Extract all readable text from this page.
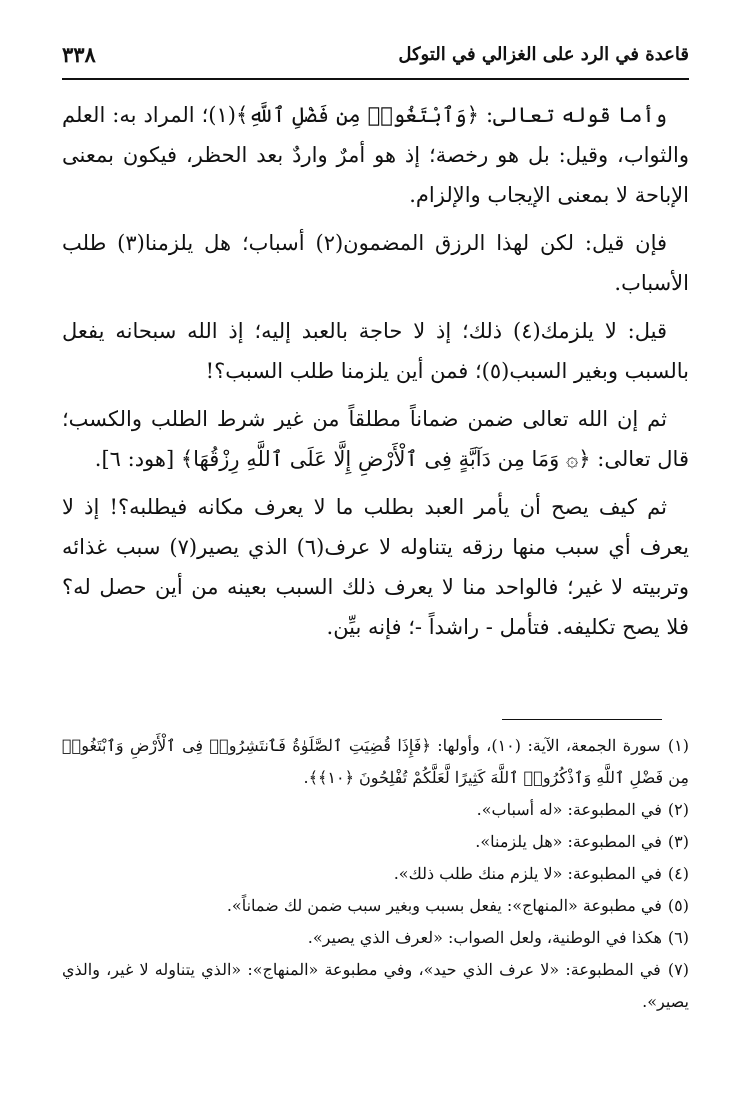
قاعدة في الرد على الغزالي في التوكل
٣٣٨

وأما قوله تعالى: ﴿وَٱبْتَغُوا۟ مِن فَضْلِ ٱللَّهِ﴾(١)؛ المراد به: العلم والثواب، وقيل: بل هو رخصة؛ إذ هو أمرٌ واردٌ بعد الحظر، فيكون بمعنى الإباحة لا بمعنى الإيجاب والإلزام.

فإن قيل: لكن لهذا الرزق المضمون(٢) أسباب؛ هل يلزمنا(٣) طلب الأسباب.

قيل: لا يلزمك(٤) ذلك؛ إذ لا حاجة بالعبد إليه؛ إذ الله سبحانه يفعل بالسبب وبغير السبب(٥)؛ فمن أين يلزمنا طلب السبب؟!

ثم إن الله تعالى ضمن ضماناً مطلقاً من غير شرط الطلب والكسب؛ قال تعالى: ﴿۞ وَمَا مِن دَآبَّةٍ فِى ٱلْأَرْضِ إِلَّا عَلَى ٱللَّهِ رِزْقُهَا﴾ [هود: ٦].

ثم كيف يصح أن يأمر العبد بطلب ما لا يعرف مكانه فيطلبه؟! إذ لا يعرف أي سبب منها رزقه يتناوله لا عرف(٦) الذي يصير(٧) سبب غذائه وتربيته لا غير؛ فالواحد منا لا يعرف ذلك السبب بعينه من أين حصل له؟ فلا يصح تكليفه. فتأمل - راشداً -؛ فإنه بيِّن.

(١) سورة الجمعة، الآية: (١٠)، وأولها: ﴿فَإِذَا قُضِيَتِ ٱلصَّلَوٰةُ فَٱنتَشِرُوا۟ فِى ٱلْأَرْضِ وَٱبْتَغُوا۟ مِن فَضْلِ ٱللَّهِ وَٱذْكُرُوا۟ ٱللَّهَ كَثِيرًا لَّعَلَّكُمْ تُفْلِحُونَ ﴿١٠﴾﴾.

(٢) في المطبوعة: «له أسباب».

(٣) في المطبوعة: «هل يلزمنا».

(٤) في المطبوعة: «لا يلزم منك طلب ذلك».

(٥) في مطبوعة «المنهاج»: يفعل بسبب وبغير سبب ضمن لك ضماناً».

(٦) هكذا في الوطنية، ولعل الصواب: «لعرف الذي يصير».

(٧) في المطبوعة: «لا عرف الذي حيد»، وفي مطبوعة «المنهاج»: «الذي يتناوله لا غير، والذي يصير».
